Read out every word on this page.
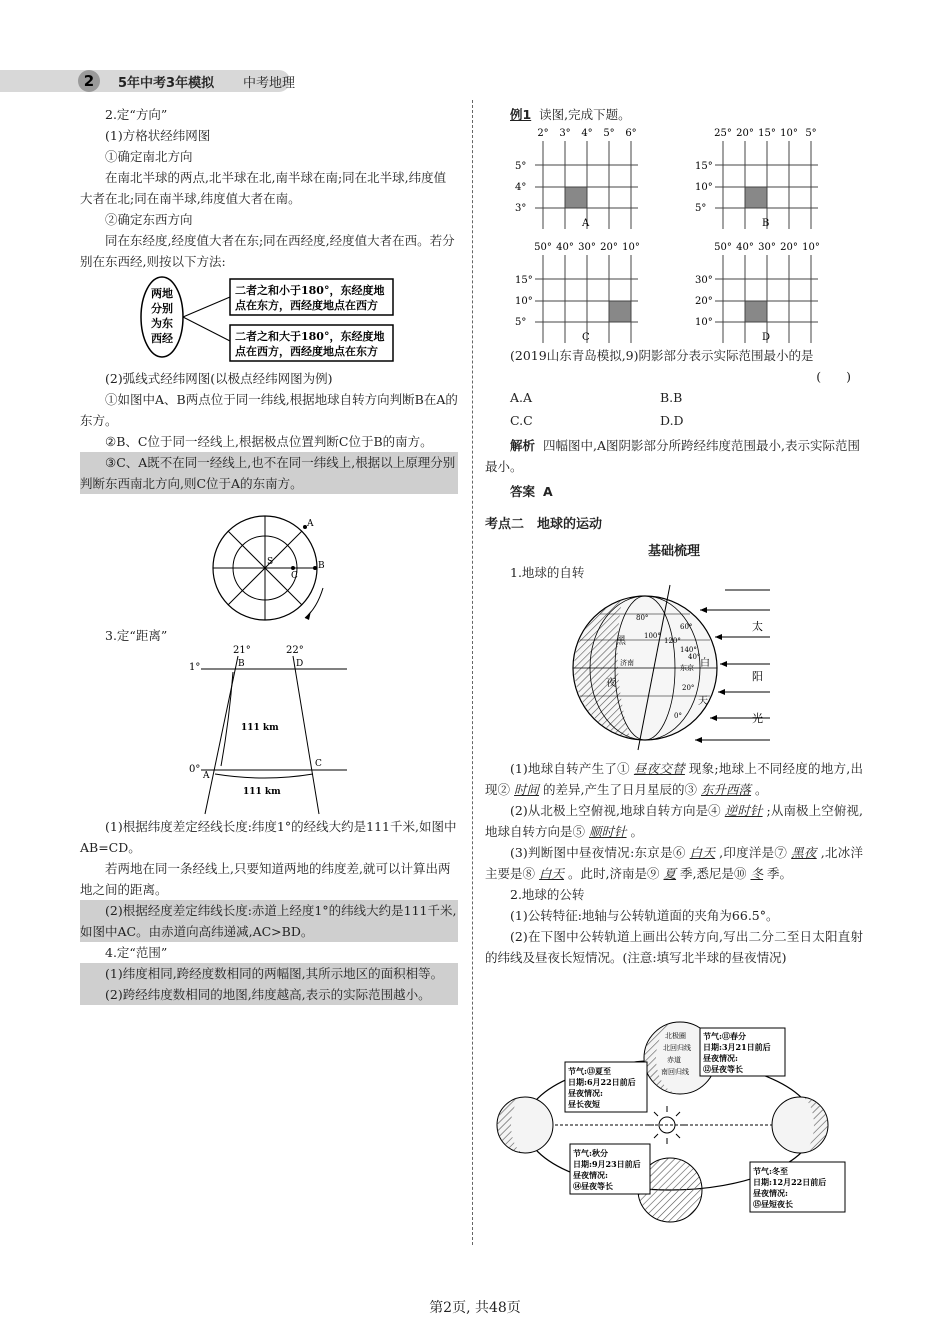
2	5年中考3年模拟 中考地理

2.定“方向”

(1)方格状经纬网图

①确定南北方向

在南北半球的两点,北半球在北,南半球在南;同在北半球,纬度值大者在北;同在南半球,纬度值大者在南。

②确定东西方向

同在东经度,经度值大者在东;同在西经度,经度值大者在西。若分别在东西经,则按以下方法:

两地
分别
为东
西经
二者之和小于180°，东经度地
点在东方，西经度地点在西方
二者之和大于180°，东经度地
点在西方，西经度地点在东方

(2)弧线式经纬网图(以极点经纬网图为例)

①如图中A、B两点位于同一纬线,根据地球自转方向判断B在A的东方。

②B、C位于同一经线上,根据极点位置判断C位于B的南方。

③C、A既不在同一经线上,也不在同一纬线上,根据以上原理分别判断东西南北方向,则C位于A的东南方。

S
A
B
C

3.定“距离”

21°	22°
1°
0°
B	D
A
C
111 km
111 km

(1)根据纬度差定经线长度:纬度1°的经线大约是111千米,如图中AB=CD。

若两地在同一条经线上,只要知道两地的纬度差,就可以计算出两地之间的距离。

(2)根据经度差定纬线长度:赤道上经度1°的纬线大约是111千米,如图中AC。由赤道向高纬递减,AC>BD。

4.定“范围”

(1)纬度相同,跨经度数相同的两幅图,其所示地区的面积相等。

(2)跨经纬度数相同的地图,纬度越高,表示的实际范围越小。

例1 读图,完成下题。

2° 3° 4° 5° 6°
5°
4°
3°
A
25° 20° 15° 10° 5°
15°
10°
5°
B
50° 40° 30° 20° 10°
15°
10°
5°
C
50° 40° 30° 20° 10°
30°
20°
10°
D

(2019山东青岛模拟,9)阴影部分表示实际范围最小的是

(　　)

A.A	B.B
C.C	D.D

解析 四幅图中,A图阴影部分所跨经纬度范围最小,表示实际范围最小。

答案 A

考点二　地球的运动

基础梳理

1.地球的自转

太
阳
光
黑
夜
白
天
济南
东京
100°
120°
140°
80°
60°
40°
20°
0°

(1)地球自转产生了① 昼夜交替 现象;地球上不同经度的地方,出现② 时间 的差异,产生了日月星辰的③ 东升西落 。

(2)从北极上空俯视,地球自转方向是④ 逆时针 ;从南极上空俯视,地球自转方向是⑤ 顺时针 。

(3)判断图中昼夜情况:东京是⑥ 白天 ,印度洋是⑦ 黑夜 ,北冰洋主要是⑧ 白天 。此时,济南是⑨ 夏 季,悉尼是⑩ 冬 季。

2.地球的公转

(1)公转特征:地轴与公转轨道面的夹角为66.5°。

(2)在下图中公转轨道上画出公转方向,写出二分二至日太阳直射的纬线及昼夜长短情况。(注意:填写北半球的昼夜情况)

北极圈
北回归线
赤道
南回归线
节气:⑪春分
日期:3月21日前后
昼夜情况:
⑫昼夜等长
节气:⑬夏至
日期:6月22日前后
昼夜情况:
昼长夜短
节气:秋分
日期:9月23日前后
昼夜情况:
⑭昼夜等长
节气:冬至
日期:12月22日前后
昼夜情况:
⑮昼短夜长
第2页, 共48页
